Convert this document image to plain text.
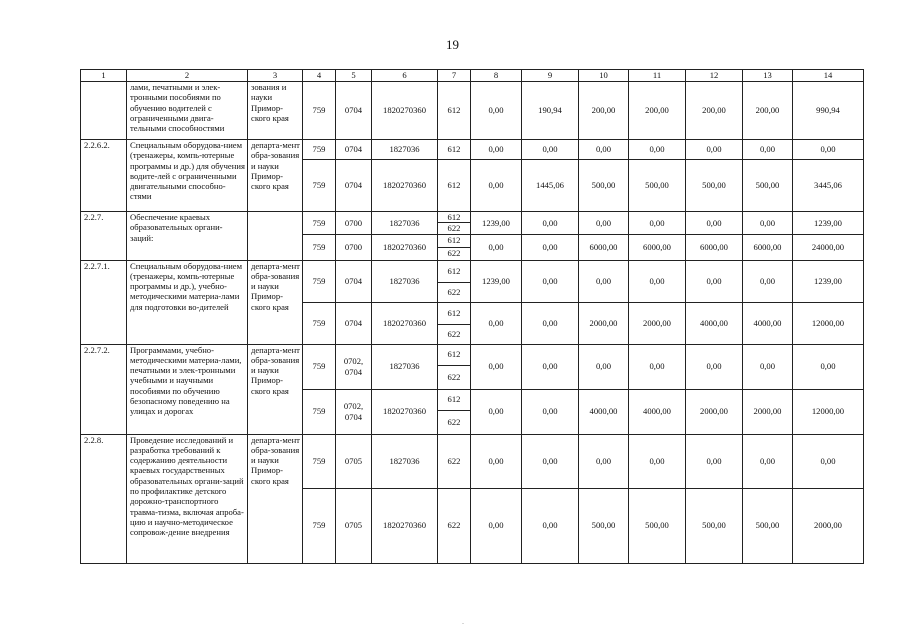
19
1	2	3	4	5	6	7	8	9	10	11	12	13	14
	лами, печатными и элек-тронными пособиями по обучению водителей с ограниченными двига-тельными способностями	зования и науки Примор-ского края	759	0704	1820270360	612	0,00	190,94	200,00	200,00	200,00	200,00	990,94
2.2.6.2.	Специальным оборудова-нием (тренажеры, компь-ютерные программы и др.) для обучения водите-лей с ограниченными двигательными способно-стями	департа-мент обра-зования и науки Примор-ского края	759	0704	1827036	612	0,00	0,00	0,00	0,00	0,00	0,00	0,00
			759	0704	1820270360	612	0,00	1445,06	500,00	500,00	500,00	500,00	3445,06
2.2.7.	Обеспечение краевых образовательных органи-заций:		759	0700	1827036	612	1239,00	0,00	0,00	0,00	0,00	0,00	1239,00
						622							
			759	0700	1820270360	612	0,00	0,00	6000,00	6000,00	6000,00	6000,00	24000,00
						622							
2.2.7.1.	Специальным оборудова-нием (тренажеры, компь-ютерные программы и др.), учебно-методическими материа-лами для подготовки во-дителей	департа-мент обра-зования и науки Примор-ского края	759	0704	1827036	612	1239,00	0,00	0,00	0,00	0,00	0,00	1239,00
						622							
			759	0704	1820270360	612	0,00	0,00	2000,00	2000,00	4000,00	4000,00	12000,00
						622							
2.2.7.2.	Программами, учебно-методическими материа-лами, печатными и элек-тронными учебными и научными пособиями по обучению безопасному поведению на улицах и дорогах	департа-мент обра-зования и науки Примор-ского края	759	0702, 0704	1827036	612	0,00	0,00	0,00	0,00	0,00	0,00	0,00
						622							
			759	0702, 0704	1820270360	612	0,00	0,00	4000,00	4000,00	2000,00	2000,00	12000,00
						622							
2.2.8.	Проведение исследований и разработка требований к содержанию деятельности краевых государственных образовательных органи-заций по профилактике детского дорожно-транспортного травма-тизма, включая апроба-цию и научно-методическое сопровож-дение внедрения	департа-мент обра-зования и науки Примор-ского края	759	0705	1827036	622	0,00	0,00	0,00	0,00	0,00	0,00	0,00
			759	0705	1820270360	622	0,00	0,00	500,00	500,00	500,00	500,00	2000,00
.
